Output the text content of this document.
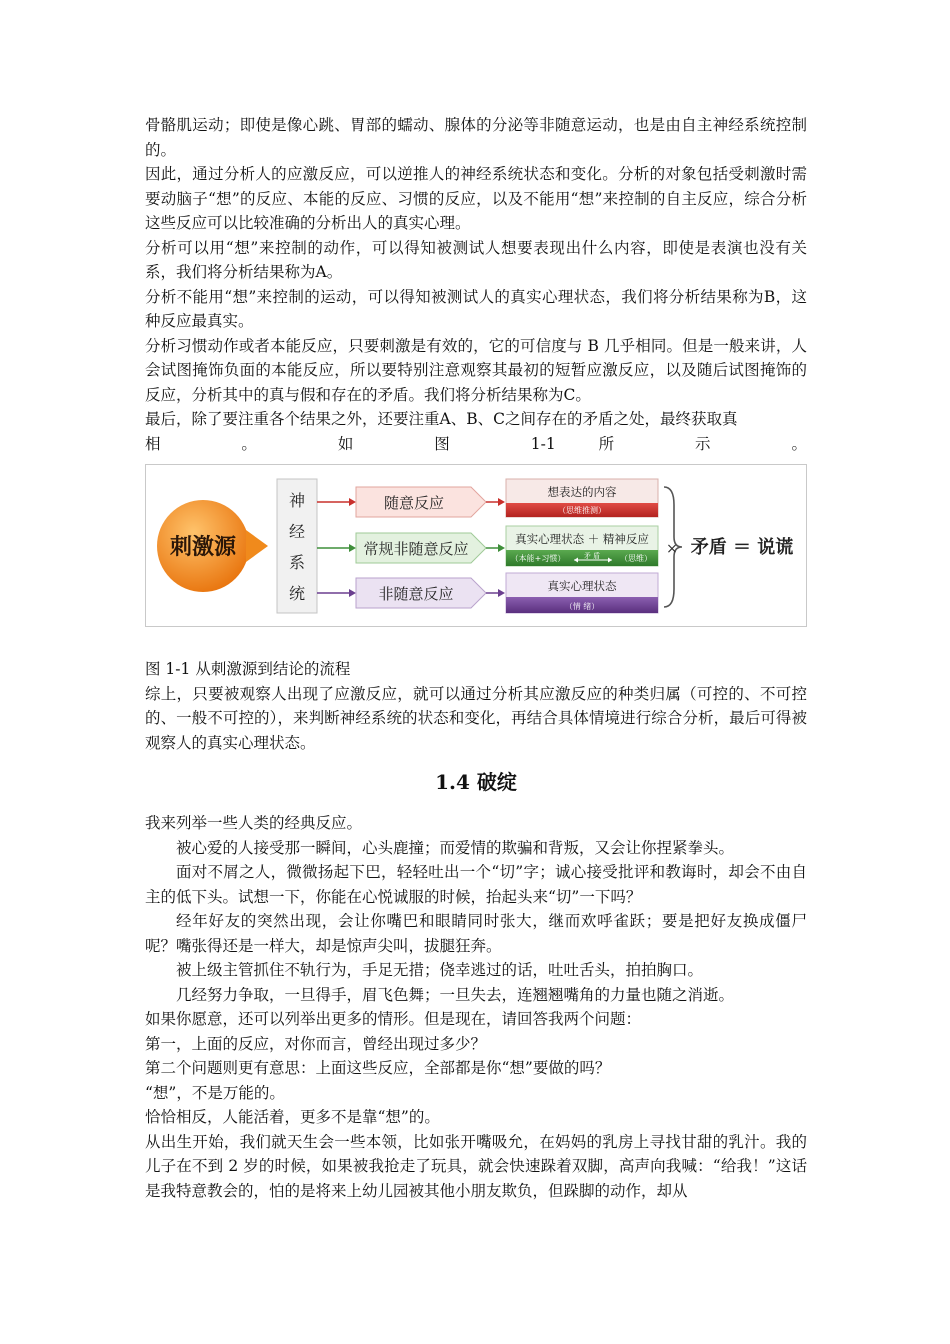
骨骼肌运动；即使是像心跳、胃部的蠕动、腺体的分泌等非随意运动，也是由自主神经系统控制的。

因此，通过分析人的应激反应，可以逆推人的神经系统状态和变化。分析的对象包括受刺激时需要动脑子“想”的反应、本能的反应、习惯的反应，以及不能用“想”来控制的自主反应，综合分析这些反应可以比较准确的分析出人的真实心理。

分析可以用“想”来控制的动作，可以得知被测试人想要表现出什么内容，即使是表演也没有关系，我们将分析结果称为A。

分析不能用“想”来控制的运动，可以得知被测试人的真实心理状态，我们将分析结果称为B，这种反应最真实。

分析习惯动作或者本能反应，只要刺激是有效的，它的可信度与 B 几乎相同。但是一般来讲，人会试图掩饰负面的本能反应，所以要特别注意观察其最初的短暂应激反应，以及随后试图掩饰的反应，分析其中的真与假和存在的矛盾。我们将分析结果称为C。

最后，除了要注重各个结果之外，还要注重A、B、C之间存在的矛盾之处，最终获取真

相 。 如 图 1-1 所 示 。

刺激源
神
经
系
统
随意反应
常规非随意反应
非随意反应
想表达的内容
（思维推测）
真实心理状态 ＋ 精神反应
（本能+习惯）	矛 盾 （思维）
真实心理状态
（情 绪）
× 矛盾 ＝ 说谎

图 1-1 从刺激源到结论的流程

综上，只要被观察人出现了应激反应，就可以通过分析其应激反应的种类归属（可控的、不可控的、一般不可控的），来判断神经系统的状态和变化，再结合具体情境进行综合分析，最后可得被观察人的真实心理状态。

1.4 破绽

我来列举一些人类的经典反应。

被心爱的人接受那一瞬间，心头鹿撞；而爱情的欺骗和背叛，又会让你捏紧拳头。

面对不屑之人，微微扬起下巴，轻轻吐出一个“切”字；诚心接受批评和教诲时，却会不由自主的低下头。试想一下，你能在心悦诚服的时候，抬起头来“切”一下吗？

经年好友的突然出现，会让你嘴巴和眼睛同时张大，继而欢呼雀跃；要是把好友换成僵尸呢？嘴张得还是一样大，却是惊声尖叫，拔腿狂奔。

被上级主管抓住不轨行为，手足无措；侥幸逃过的话，吐吐舌头，拍拍胸口。

几经努力争取，一旦得手，眉飞色舞；一旦失去，连翘翘嘴角的力量也随之消逝。

如果你愿意，还可以列举出更多的情形。但是现在，请回答我两个问题：

第一，上面的反应，对你而言，曾经出现过多少？

第二个问题则更有意思：上面这些反应，全部都是你“想”要做的吗？

“想”，不是万能的。

恰恰相反，人能活着，更多不是靠“想”的。

从出生开始，我们就天生会一些本领，比如张开嘴吸允，在妈妈的乳房上寻找甘甜的乳汁。我的儿子在不到 2 岁的时候，如果被我抢走了玩具，就会快速跺着双脚，高声向我喊：“给我！”这话是我特意教会的，怕的是将来上幼儿园被其他小朋友欺负，但跺脚的动作，却从
